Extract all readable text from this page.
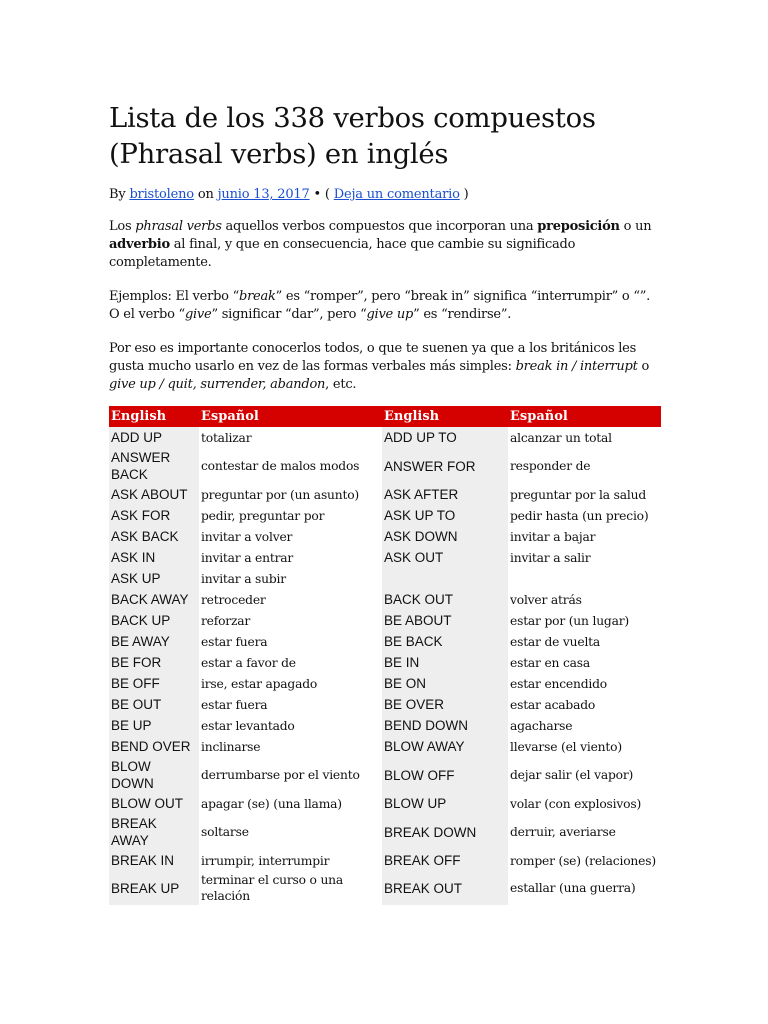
Lista de los 338 verbos compuestos (Phrasal verbs) en inglés
By bristoleno on junio 13, 2017 • ( Deja un comentario )

Los phrasal verbs aquellos verbos compuestos que incorporan una preposición o un adverbio al final, y que en consecuencia, hace que cambie su significado completamente.

Ejemplos: El verbo “break” es “romper”, pero “break in” significa “interrumpir” o “”. O el verbo “give” significar “dar”, pero “give up” es “rendirse”.

Por eso es importante conocerlos todos, o que te suenen ya que a los británicos les gusta mucho usarlo en vez de las formas verbales más simples: break in / interrupt o give up / quit, surrender, abandon, etc.

English	Español	English	Español
ADD UP	totalizar	ADD UP TO	alcanzar un total
ANSWER BACK	contestar de malos modos	ANSWER FOR	responder de
ASK ABOUT	preguntar por (un asunto)	ASK AFTER	preguntar por la salud
ASK FOR	pedir, preguntar por	ASK UP TO	pedir hasta (un precio)
ASK BACK	invitar a volver	ASK DOWN	invitar a bajar
ASK IN	invitar a entrar	ASK OUT	invitar a salir
ASK UP	invitar a subir		
BACK AWAY	retroceder	BACK OUT	volver atrás
BACK UP	reforzar	BE ABOUT	estar por (un lugar)
BE AWAY	estar fuera	BE BACK	estar de vuelta
BE FOR	estar a favor de	BE IN	estar en casa
BE OFF	irse, estar apagado	BE ON	estar encendido
BE OUT	estar fuera	BE OVER	estar acabado
BE UP	estar levantado	BEND DOWN	agacharse
BEND OVER	inclinarse	BLOW AWAY	llevarse (el viento)
BLOW DOWN	derrumbarse por el viento	BLOW OFF	dejar salir (el vapor)
BLOW OUT	apagar (se) (una llama)	BLOW UP	volar (con explosivos)
BREAK AWAY	soltarse	BREAK DOWN	derruir, averiarse
BREAK IN	irrumpir, interrumpir	BREAK OFF	romper (se) (relaciones)
BREAK UP	terminar el curso o una relación	BREAK OUT	estallar (una guerra)
